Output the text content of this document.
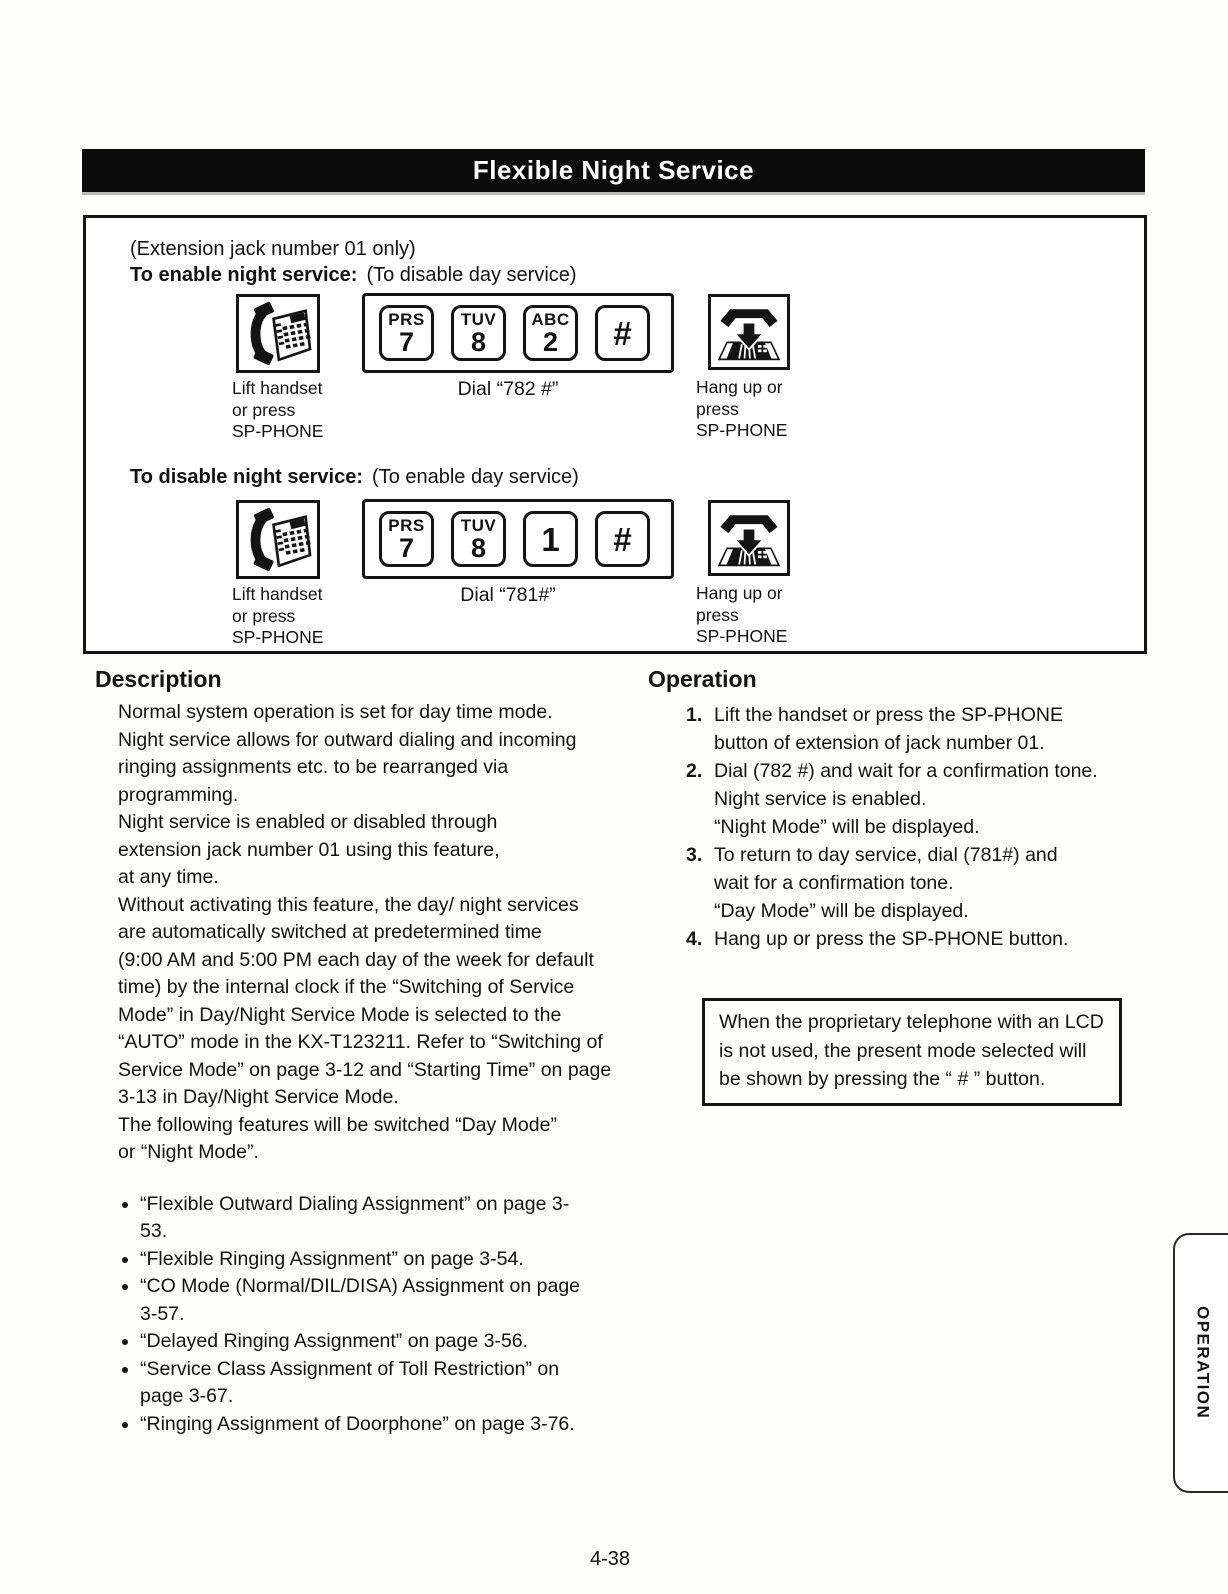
Flexible Night Service
(Extension jack number 01 only)
To enable night service: (To disable day service)
Lift handset
or press
SP-PHONE
PRS
7
TUV
8
ABC
2 #
Dial “782 #”	Hang up or
press
SP-PHONE
To disable night service: (To enable day service)
Lift handset
or press
SP-PHONE
PRS
7
TUV
8 1 #
Dial “781#”	Hang up or
press
SP-PHONE
Description
Normal system operation is set for day time mode.
Night service allows for outward dialing and incoming
ringing assignments etc. to be rearranged via
programming.
Night service is enabled or disabled through
extension jack number 01 using this feature,
at any time.
Without activating this feature, the day/ night services
are automatically switched at predetermined time
(9:00 AM and 5:00 PM each day of the week for default
time) by the internal clock if the “Switching of Service
Mode” in Day/Night Service Mode is selected to the
“AUTO” mode in the KX-T123211. Refer to “Switching of
Service Mode” on page 3-12 and “Starting Time” on page
3-13 in Day/Night Service Mode.
The following features will be switched “Day Mode”
or “Night Mode”.
• “Flexible Outward Dialing Assignment” on page 3-53.
• “Flexible Ringing Assignment” on page 3-54.
• “CO Mode (Normal/DIL/DISA) Assignment on page 3-57.
• “Delayed Ringing Assignment” on page 3-56.
• “Service Class Assignment of Toll Restriction” on page 3-67.
• “Ringing Assignment of Doorphone” on page 3-76.
Operation
1. Lift the handset or press the SP-PHONE
button of extension of jack number 01.
2. Dial (782 #) and wait for a confirmation tone.
Night service is enabled.
“Night Mode” will be displayed.
3. To return to day service, dial (781#) and
wait for a confirmation tone.
“Day Mode” will be displayed.
4. Hang up or press the SP-PHONE button.
When the proprietary telephone with an LCD
is not used, the present mode selected will
be shown by pressing the “ # ” button.
OPERATION
4-38
